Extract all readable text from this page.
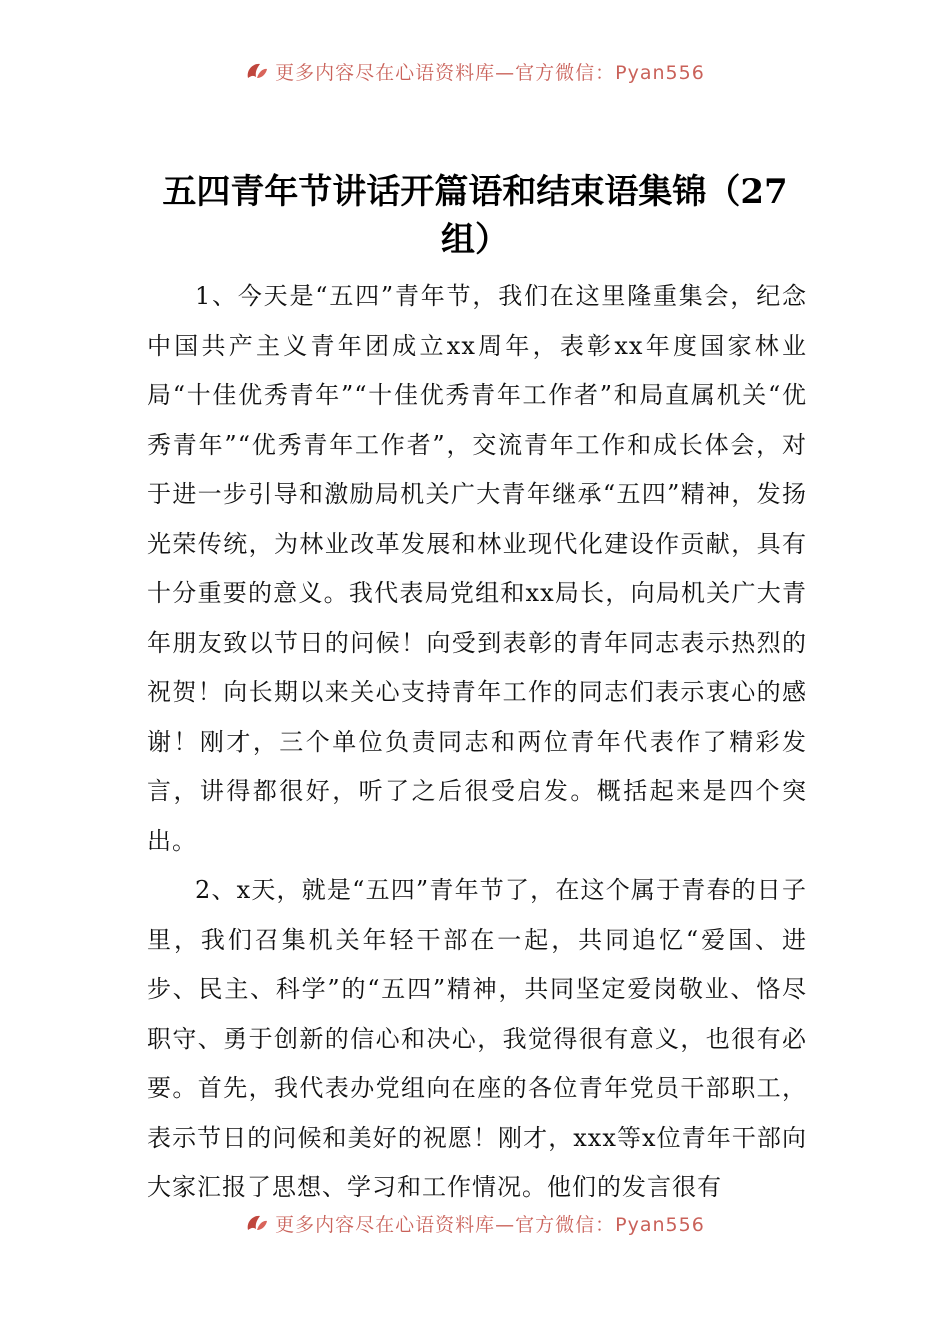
更多内容尽在心语资料库—官方微信：Pyan556
五四青年节讲话开篇语和结束语集锦（27组）

1、今天是“五四”青年节，我们在这里隆重集会，纪念中国共产主义青年团成立xx周年，表彰xx年度国家林业局“十佳优秀青年”“十佳优秀青年工作者”和局直属机关“优秀青年”“优秀青年工作者”，交流青年工作和成长体会，对于进一步引导和激励局机关广大青年继承“五四”精神，发扬光荣传统，为林业改革发展和林业现代化建设作贡献，具有十分重要的意义。我代表局党组和xx局长，向局机关广大青年朋友致以节日的问候！向受到表彰的青年同志表示热烈的祝贺！向长期以来关心支持青年工作的同志们表示衷心的感谢！刚才，三个单位负责同志和两位青年代表作了精彩发言，讲得都很好，听了之后很受启发。概括起来是四个突出。

2、x天，就是“五四”青年节了，在这个属于青春的日子里，我们召集机关年轻干部在一起，共同追忆“爱国、进步、民主、科学”的“五四”精神，共同坚定爱岗敬业、恪尽职守、勇于创新的信心和决心，我觉得很有意义，也很有必要。首先，我代表办党组向在座的各位青年党员干部职工，表示节日的问候和美好的祝愿！刚才，xxx等x位青年干部向大家汇报了思想、学习和工作情况。他们的发言很有

更多内容尽在心语资料库—官方微信：Pyan556
